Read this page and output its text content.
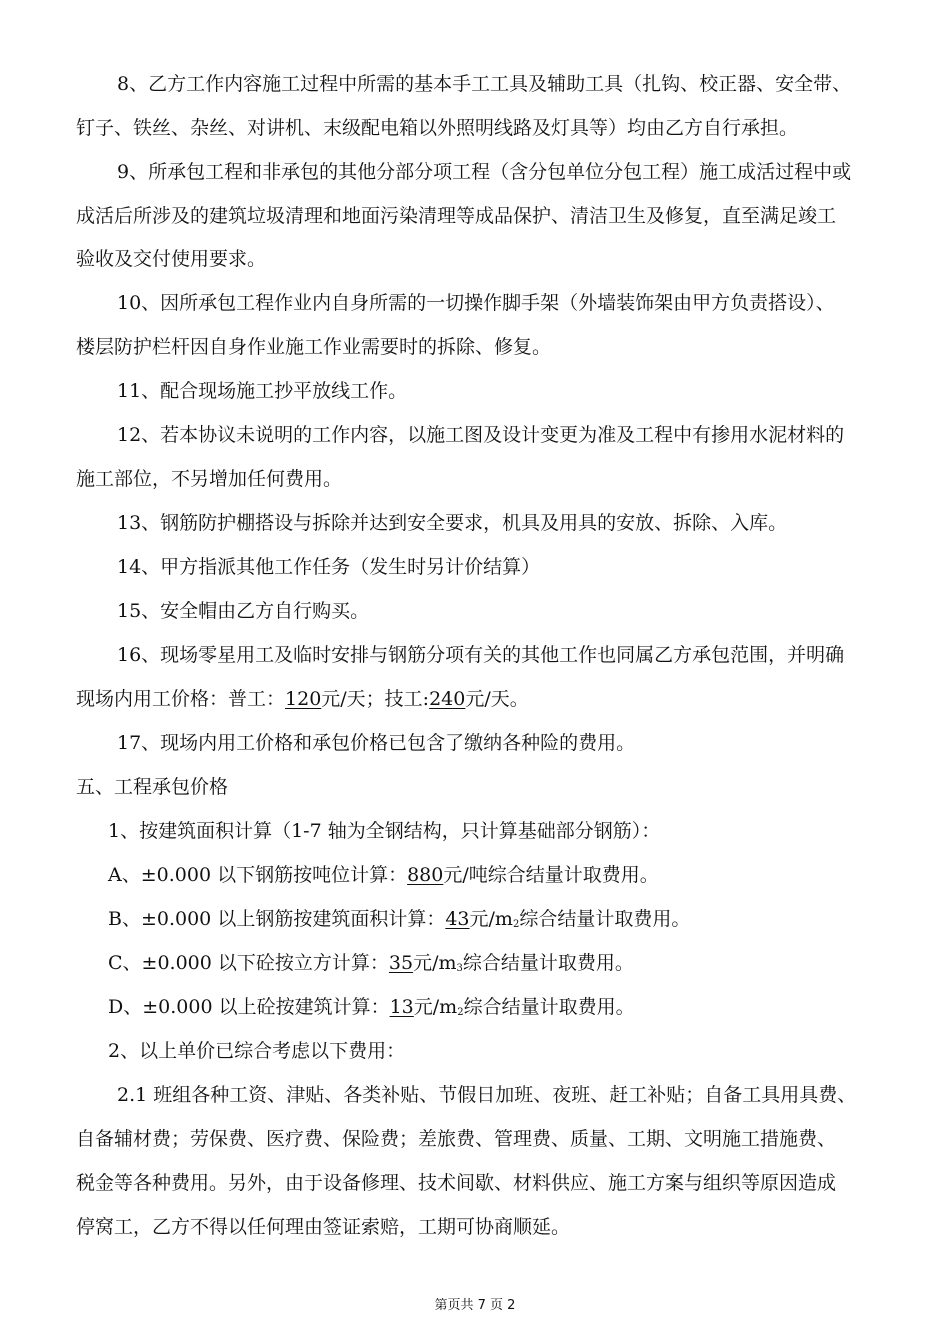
8、乙方工作内容施工过程中所需的基本手工工具及辅助工具（扎钩、校正器、安全带、
钉子、铁丝、杂丝、对讲机、末级配电箱以外照明线路及灯具等）均由乙方自行承担。
9、所承包工程和非承包的其他分部分项工程（含分包单位分包工程）施工成活过程中或
成活后所涉及的建筑垃圾清理和地面污染清理等成品保护、清洁卫生及修复，直至满足竣工
验收及交付使用要求。
10、因所承包工程作业内自身所需的一切操作脚手架（外墙装饰架由甲方负责搭设）、
楼层防护栏杆因自身作业施工作业需要时的拆除、修复。
11、配合现场施工抄平放线工作。
12、若本协议未说明的工作内容，以施工图及设计变更为准及工程中有掺用水泥材料的
施工部位，不另增加任何费用。
13、钢筋防护棚搭设与拆除并达到安全要求，机具及用具的安放、拆除、入库。
14、甲方指派其他工作任务（发生时另计价结算）
15、安全帽由乙方自行购买。
16、现场零星用工及临时安排与钢筋分项有关的其他工作也同属乙方承包范围，并明确
现场内用工价格：普工：120元/天；技工:240元/天。
17、现场内用工价格和承包价格已包含了缴纳各种险的费用。
五、工程承包价格
1、按建筑面积计算（1-7 轴为全钢结构，只计算基础部分钢筋）：
A、±0.000 以下钢筋按吨位计算：880元/吨综合结量计取费用。
B、±0.000 以上钢筋按建筑面积计算：43元$/m_2$综合结量计取费用。
C、±0.000 以下砼按立方计算：35元$/m_3$综合结量计取费用。
D、±0.000 以上砼按建筑计算：13元$/m_2$综合结量计取费用。
2、以上单价已综合考虑以下费用：
2.1 班组各种工资、津贴、各类补贴、节假日加班、夜班、赶工补贴；自备工具用具费、
自备辅材费；劳保费、医疗费、保险费；差旅费、管理费、质量、工期、文明施工措施费、
税金等各种费用。另外，由于设备修理、技术间歇、材料供应、施工方案与组织等原因造成
停窝工，乙方不得以任何理由签证索赔，工期可协商顺延。
第页共 7 页 2
